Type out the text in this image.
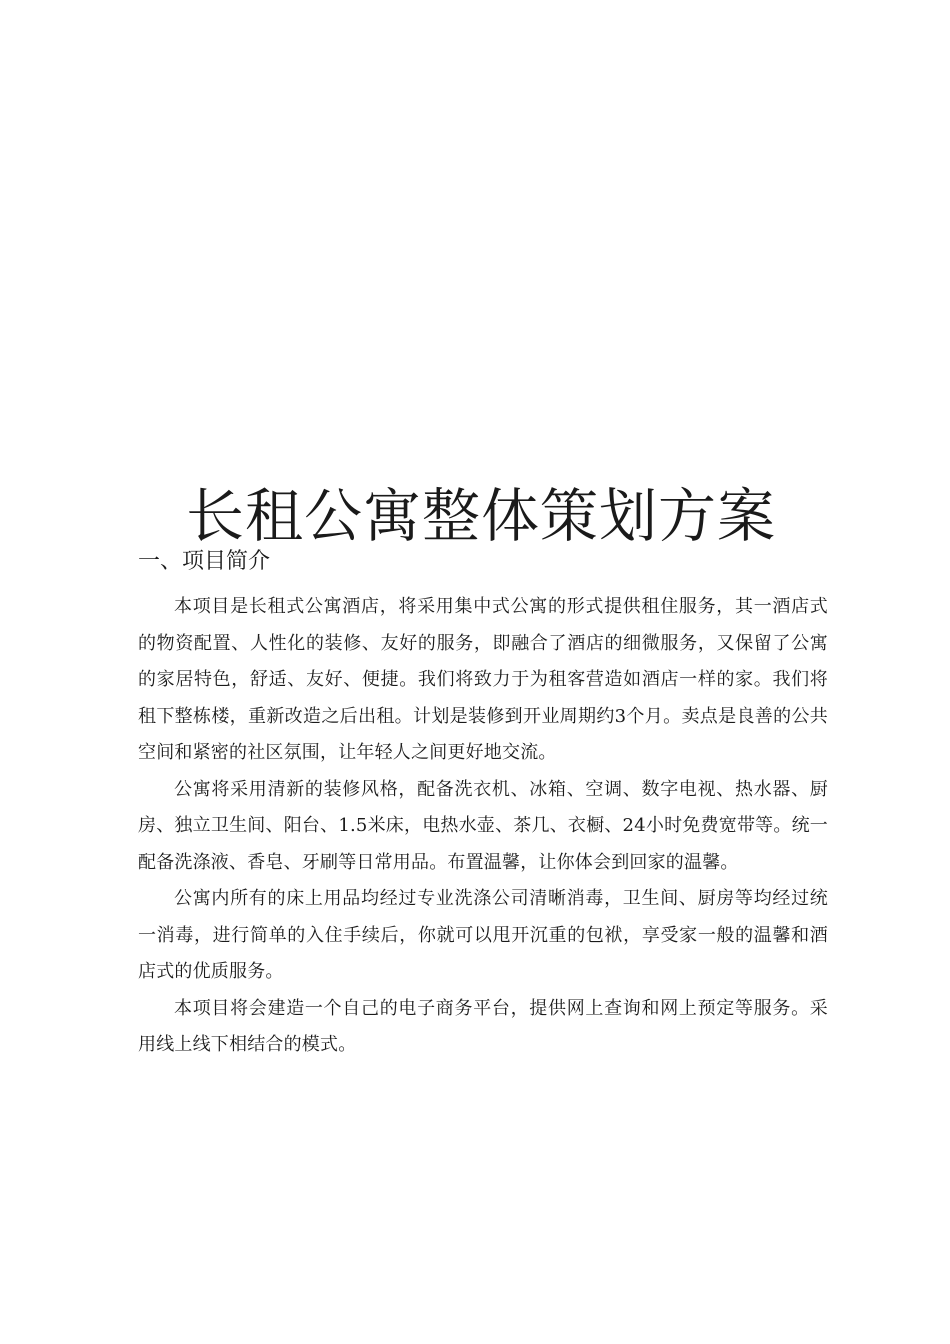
长租公寓整体策划方案
一、项目简介

本项目是长租式公寓酒店，将采用集中式公寓的形式提供租住服务，其一酒店式的物资配置、人性化的装修、友好的服务，即融合了酒店的细微服务，又保留了公寓的家居特色，舒适、友好、便捷。我们将致力于为租客营造如酒店一样的家。我们将租下整栋楼，重新改造之后出租。计划是装修到开业周期约3个月。卖点是良善的公共空间和紧密的社区氛围，让年轻人之间更好地交流。

公寓将采用清新的装修风格，配备洗衣机、冰箱、空调、数字电视、热水器、厨房、独立卫生间、阳台、1.5米床，电热水壶、茶几、衣橱、24小时免费宽带等。统一配备洗涤液、香皂、牙刷等日常用品。布置温馨，让你体会到回家的温馨。

公寓内所有的床上用品均经过专业洗涤公司清晰消毒，卫生间、厨房等均经过统一消毒，进行简单的入住手续后，你就可以甩开沉重的包袱，享受家一般的温馨和酒店式的优质服务。

本项目将会建造一个自己的电子商务平台，提供网上查询和网上预定等服务。采用线上线下相结合的模式。
